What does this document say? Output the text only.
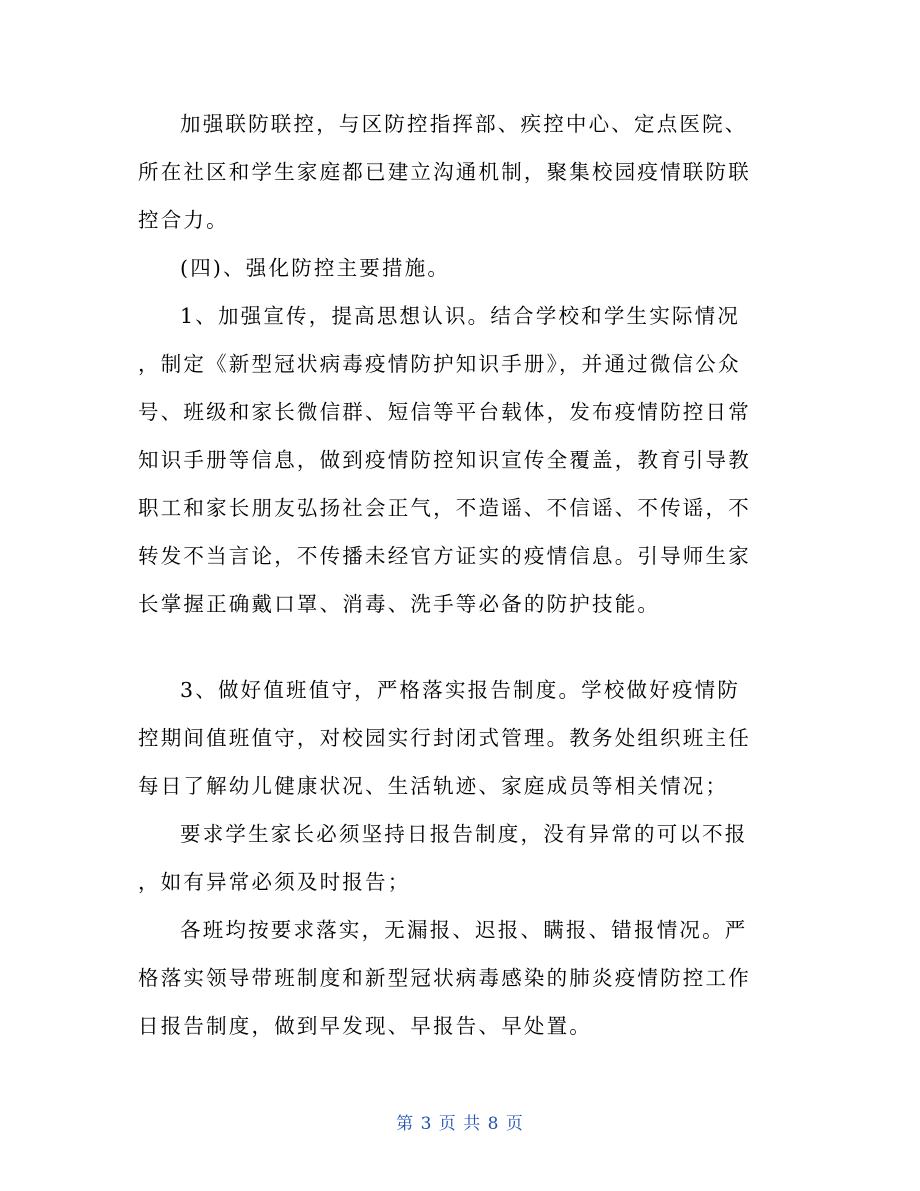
加强联防联控，与区防控指挥部、疾控中心、定点医院、
所在社区和学生家庭都已建立沟通机制，聚集校园疫情联防联
控合力。
(四)、强化防控主要措施。
1、加强宣传，提高思想认识。结合学校和学生实际情况
，制定《新型冠状病毒疫情防护知识手册》，并通过微信公众
号、班级和家长微信群、短信等平台载体，发布疫情防控日常
知识手册等信息，做到疫情防控知识宣传全覆盖，教育引导教
职工和家长朋友弘扬社会正气，不造谣、不信谣、不传谣，不
转发不当言论，不传播未经官方证实的疫情信息。引导师生家
长掌握正确戴口罩、消毒、洗手等必备的防护技能。
3、做好值班值守，严格落实报告制度。学校做好疫情防
控期间值班值守，对校园实行封闭式管理。教务处组织班主任
每日了解幼儿健康状况、生活轨迹、家庭成员等相关情况；
要求学生家长必须坚持日报告制度，没有异常的可以不报
，如有异常必须及时报告；
各班均按要求落实，无漏报、迟报、瞒报、错报情况。严
格落实领导带班制度和新型冠状病毒感染的肺炎疫情防控工作
日报告制度，做到早发现、早报告、早处置。
第 3 页 共 8 页
